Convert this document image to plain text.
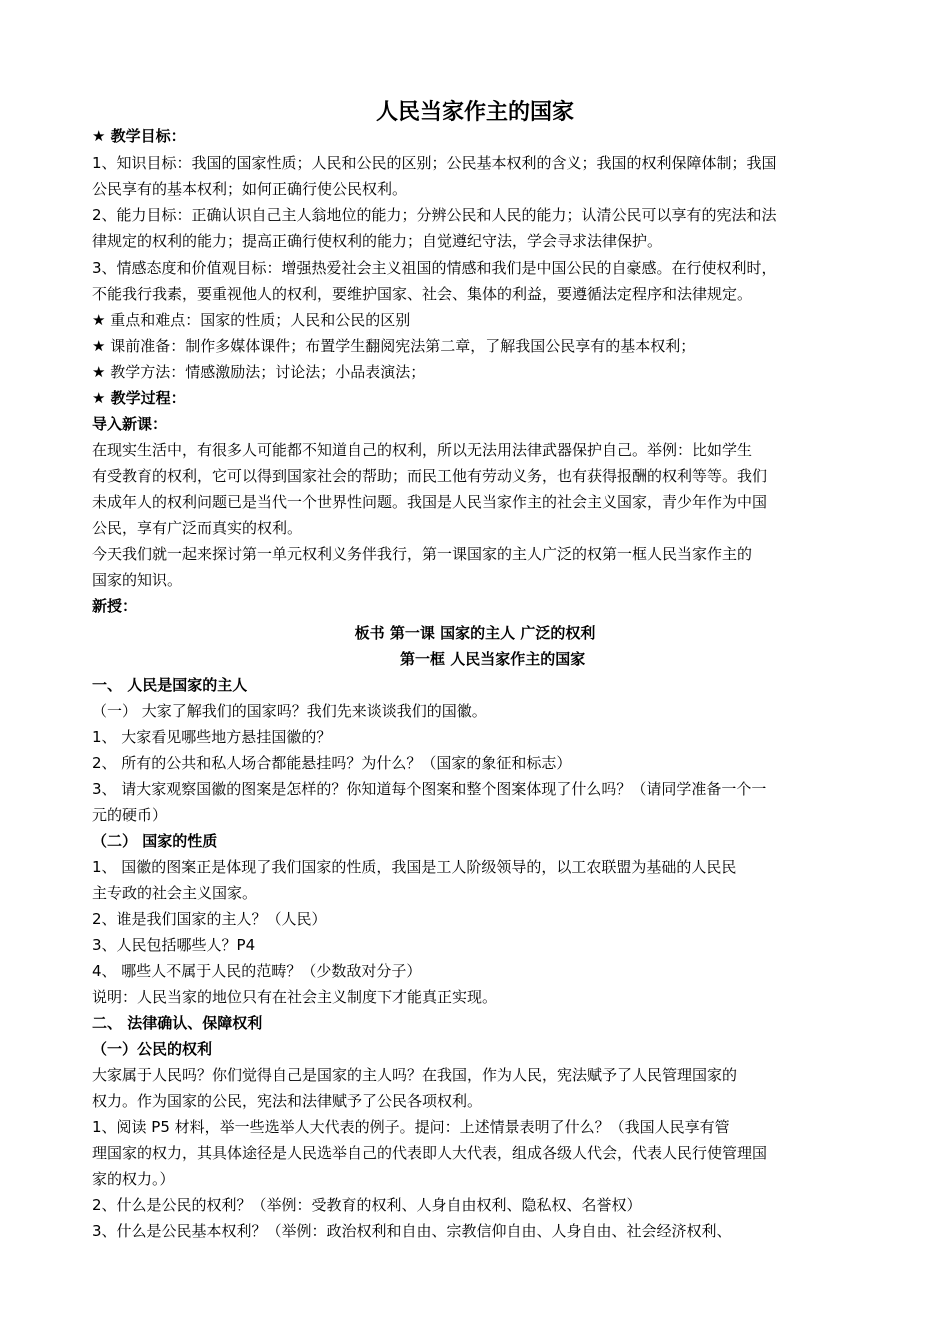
人民当家作主的国家
★ 教学目标：
1、知识目标：我国的国家性质；人民和公民的区别；公民基本权利的含义；我国的权利保障体制；我国
公民享有的基本权利；如何正确行使公民权利。
2、能力目标：正确认识自己主人翁地位的能力；分辨公民和人民的能力；认清公民可以享有的宪法和法
律规定的权利的能力；提高正确行使权利的能力；自觉遵纪守法，学会寻求法律保护。
3、情感态度和价值观目标：增强热爱社会主义祖国的情感和我们是中国公民的自豪感。在行使权利时，
不能我行我素，要重视他人的权利，要维护国家、社会、集体的利益，要遵循法定程序和法律规定。
★ 重点和难点：国家的性质；人民和公民的区别
★ 课前准备：制作多媒体课件；布置学生翻阅宪法第二章，了解我国公民享有的基本权利；
★ 教学方法：情感激励法；讨论法；小品表演法；
★ 教学过程：
导入新课：
在现实生活中，有很多人可能都不知道自己的权利，所以无法用法律武器保护自己。举例：比如学生
有受教育的权利，它可以得到国家社会的帮助；而民工他有劳动义务，也有获得报酬的权利等等。我们
未成年人的权利问题已是当代一个世界性问题。我国是人民当家作主的社会主义国家，青少年作为中国
公民，享有广泛而真实的权利。
今天我们就一起来探讨第一单元权利义务伴我行，第一课国家的主人广泛的权第一框人民当家作主的
国家的知识。
新授：
板书 第一课 国家的主人 广泛的权利
第一框 人民当家作主的国家
一、 人民是国家的主人
（一） 大家了解我们的国家吗？我们先来谈谈我们的国徽。
1、 大家看见哪些地方悬挂国徽的？
2、 所有的公共和私人场合都能悬挂吗？为什么？（国家的象征和标志）
3、 请大家观察国徽的图案是怎样的？你知道每个图案和整个图案体现了什么吗？（请同学准备一个一
元的硬币）
（二） 国家的性质
1、 国徽的图案正是体现了我们国家的性质，我国是工人阶级领导的，以工农联盟为基础的人民民
主专政的社会主义国家。
2、谁是我们国家的主人？（人民）
3、人民包括哪些人？P4
4、 哪些人不属于人民的范畴？（少数敌对分子）
说明：人民当家的地位只有在社会主义制度下才能真正实现。
二、 法律确认、保障权利
（一）公民的权利
大家属于人民吗？你们觉得自己是国家的主人吗？在我国，作为人民，宪法赋予了人民管理国家的
权力。作为国家的公民，宪法和法律赋予了公民各项权利。
1、阅读 P5 材料，举一些选举人大代表的例子。提问：上述情景表明了什么？（我国人民享有管
理国家的权力，其具体途径是人民选举自己的代表即人大代表，组成各级人代会，代表人民行使管理国
家的权力。）
2、什么是公民的权利？（举例：受教育的权利、人身自由权利、隐私权、名誉权）
3、什么是公民基本权利？（举例：政治权利和自由、宗教信仰自由、人身自由、社会经济权利、
